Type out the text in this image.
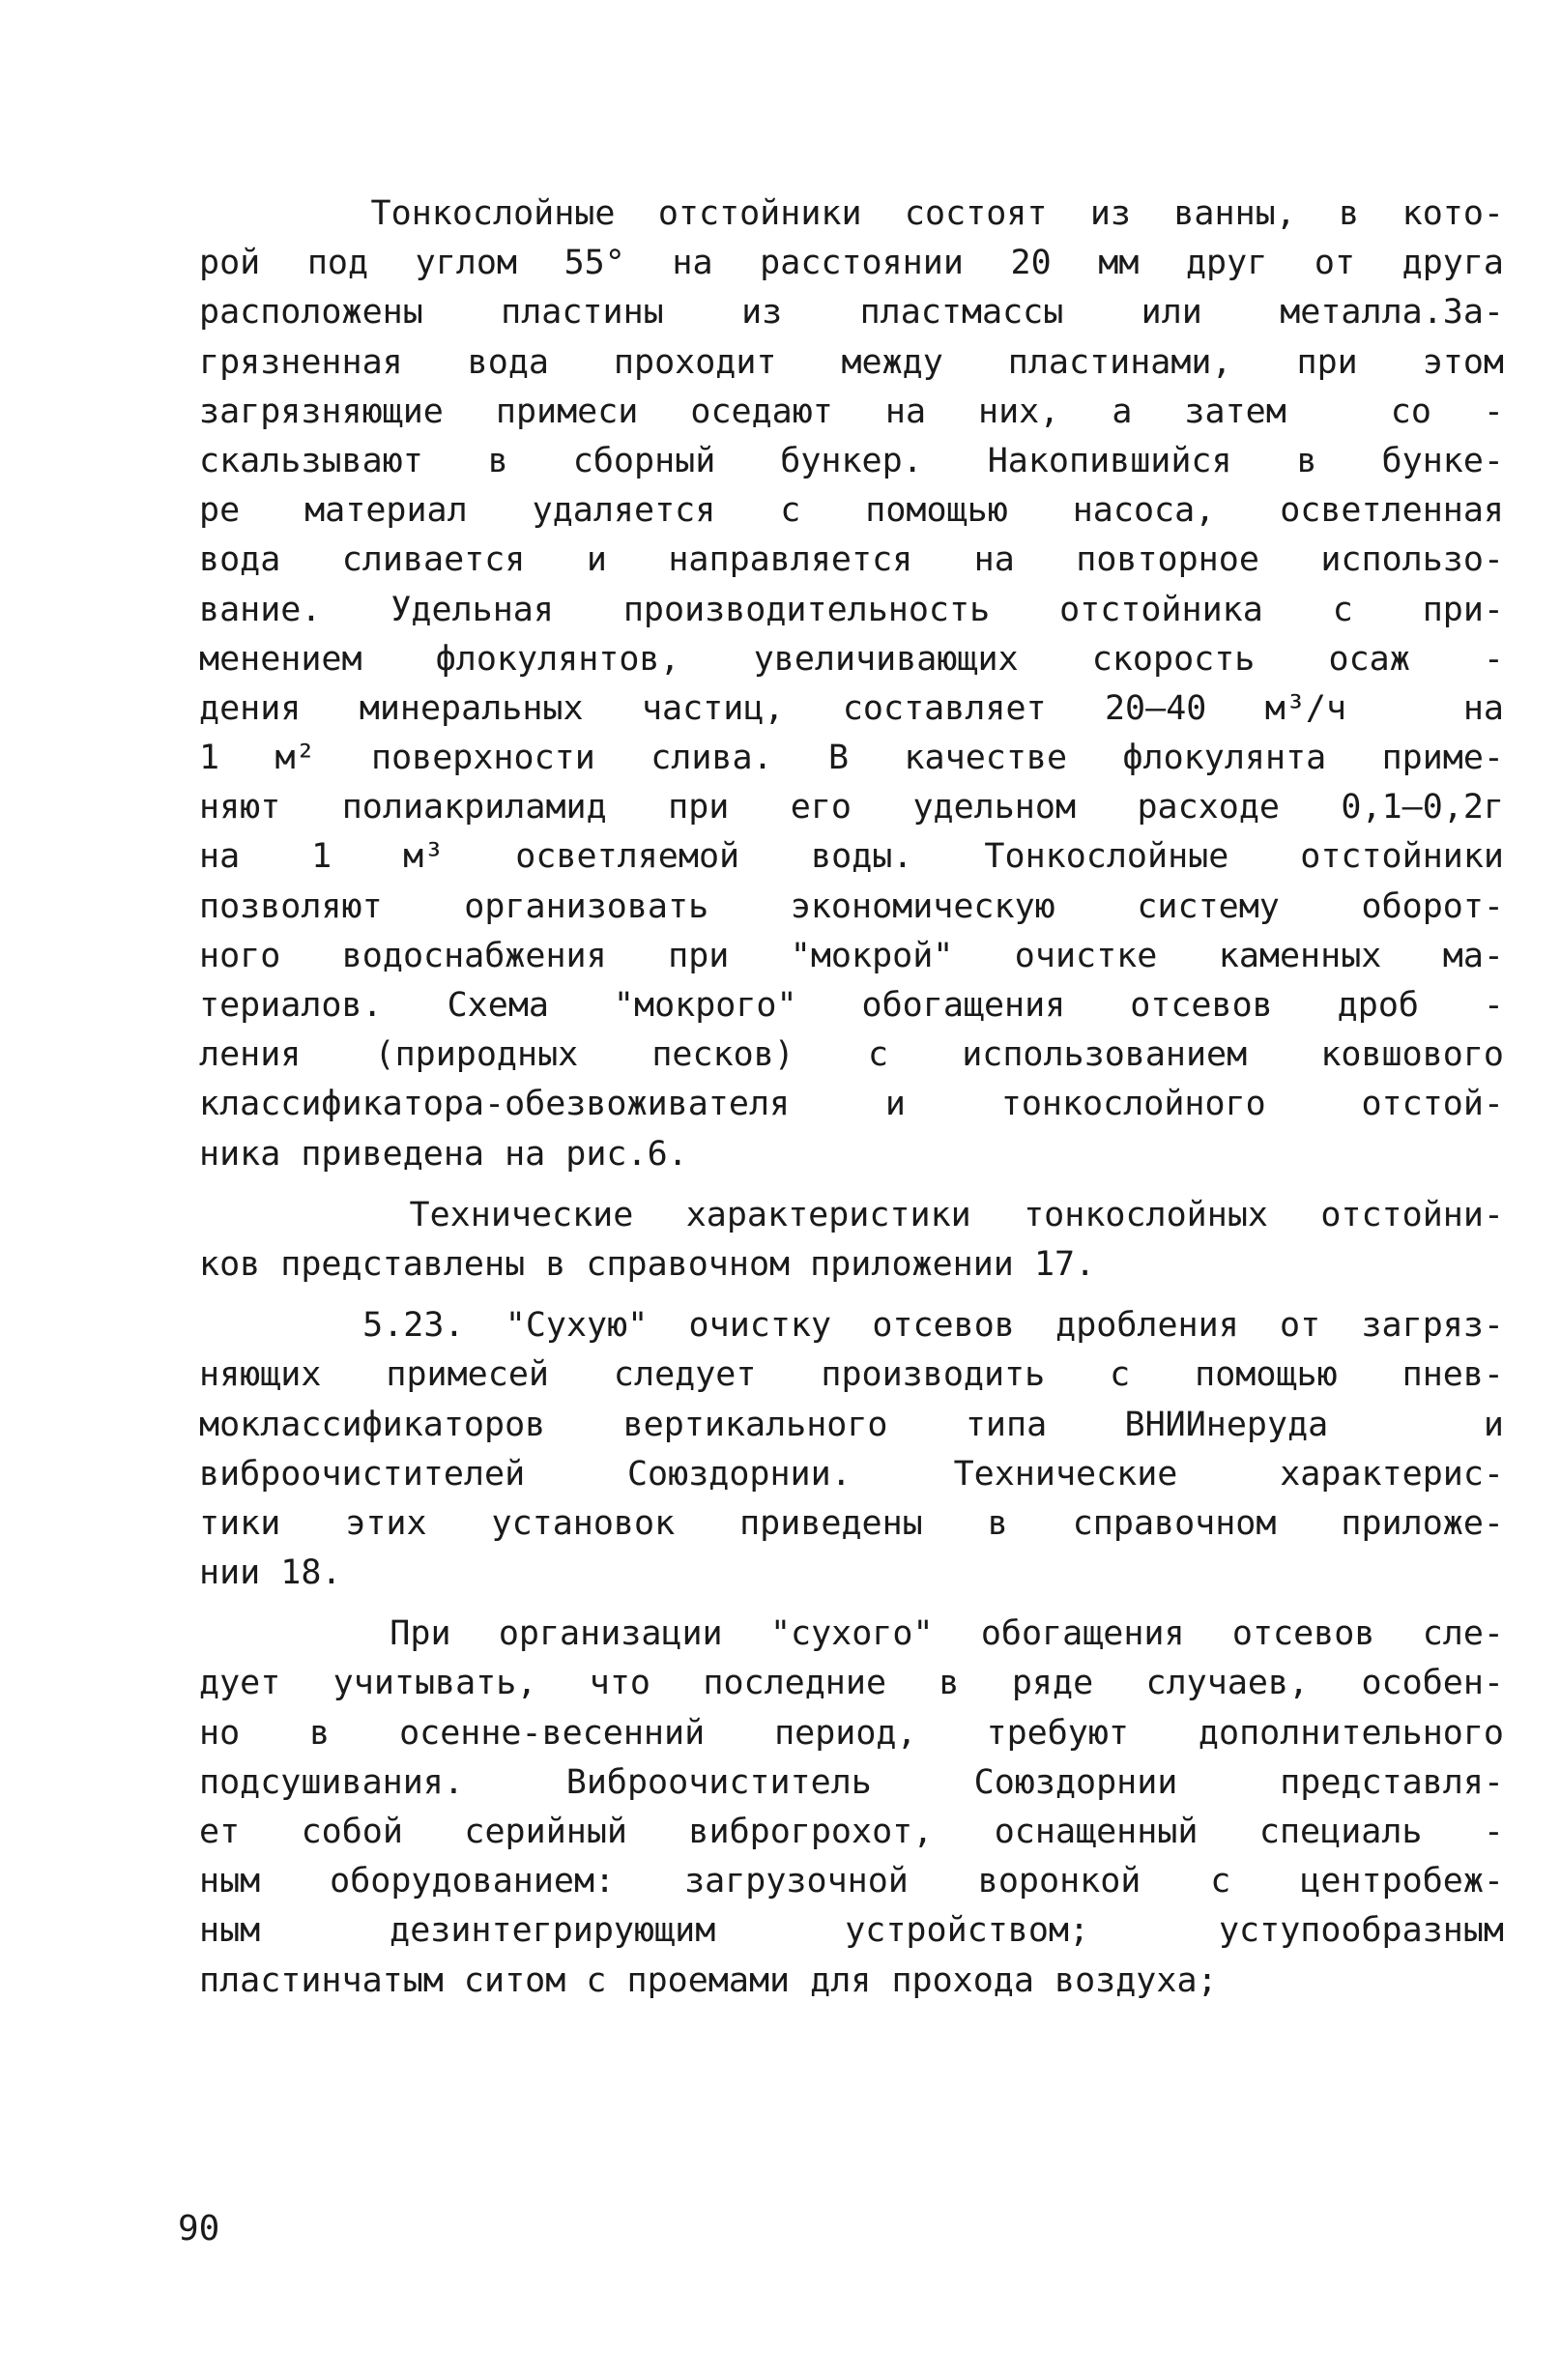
Тонкослойные отстойники состоят из ванны, в кото-
рой под углом 55° на расстоянии 20 мм друг от друга
расположены пластины из пластмассы или металла.За-
грязненная вода проходит между пластинами, при этом
загрязняющие примеси оседают на них, а затем  со -
скальзывают в сборный бункер. Накопившийся в бунке-
ре материал удаляется с помощью насоса, осветленная
вода сливается и направляется на повторное использо-
вание. Удельная производительность отстойника с при-
менением флокулянтов, увеличивающих скорость осаж -
дения минеральных частиц, составляет 20–40 м³/ч  на
1 м² поверхности слива. В качестве флокулянта приме-
няют полиакриламид при его удельном расходе 0,1–0,2г
на 1 м³ осветляемой воды. Тонкослойные отстойники
позволяют организовать экономическую систему оборот-
ного водоснабжения при "мокрой" очистке каменных ма-
териалов. Схема "мокрого" обогащения отсевов дроб -
ления (природных песков) с использованием ковшового
классификатора-обезвоживателя и тонкослойного отстой-
ника приведена на рис.6.
Технические характеристики тонкослойных отстойни-
ков представлены в справочном приложении 17.
5.23. "Сухую" очистку отсевов дробления от загряз-
няющих примесей следует производить с помощью пнев-
моклассификаторов вертикального типа ВНИИнеруда  и
виброочистителей Союздорнии. Технические характерис-
тики этих установок приведены в справочном приложе-
нии 18.
При организации "сухого" обогащения отсевов сле-
дует учитывать, что последние в ряде случаев, особен-
но в осенне-весенний период, требуют дополнительного
подсушивания. Виброочиститель Союздорнии представля-
ет собой серийный виброгрохот, оснащенный специаль -
ным оборудованием: загрузочной воронкой с центробеж-
ным дезинтегрирующим устройством; уступообразным
пластинчатым ситом с проемами для прохода воздуха;
90
